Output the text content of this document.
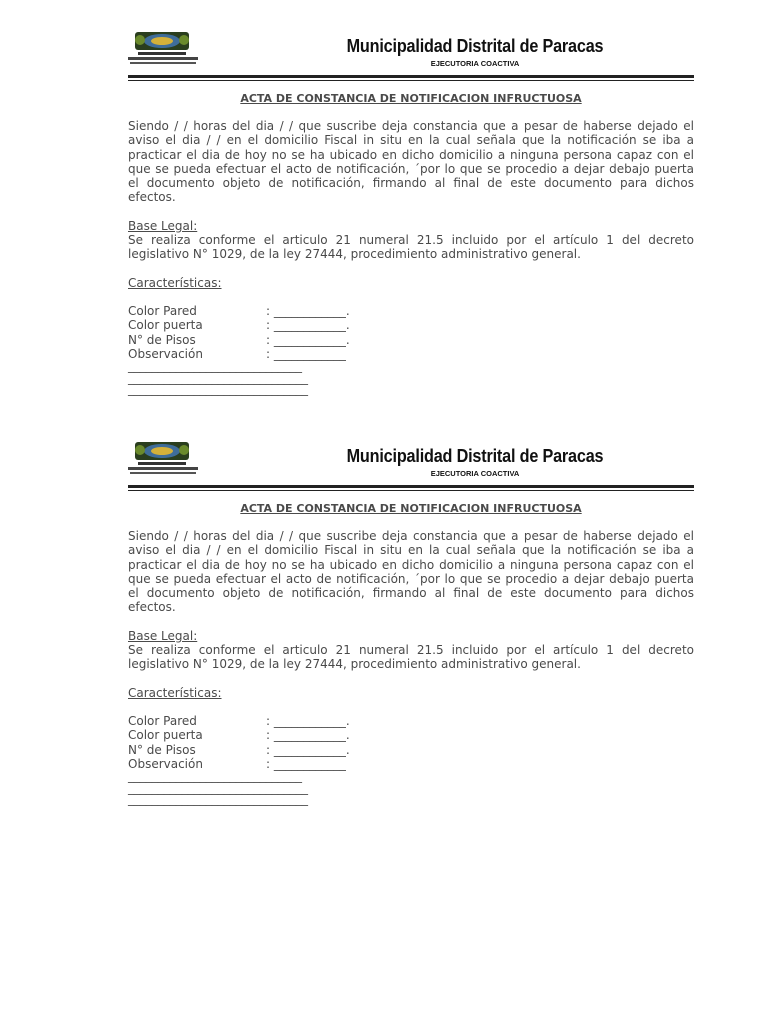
Municipalidad Distrital de Paracas
EJECUTORIA COACTIVA

ACTA DE CONSTANCIA DE NOTIFICACION INFRUCTUOSA

Siendo / / horas del dia / / que suscribe deja constancia que a pesar de haberse dejado el aviso el dia / / en el domicilio Fiscal in situ en la cual señala que la notificación se iba a practicar el dia de hoy no se ha ubicado en dicho domicilio a ninguna persona capaz con el que se pueda efectuar el acto de notificación, ´por lo que se procedio a dejar debajo puerta el documento objeto de notificación, firmando al final de este documento para dichos efectos.

Base Legal:

Se realiza conforme el articulo 21 numeral 21.5 incluido por el artículo 1 del decreto legislativo N° 1029, de la ley 27444, procedimiento administrativo general.

Características:

Color Pared	: ____________.
Color puerta	: ____________.
N° de Pisos	: ____________.
Observación	: ____________
_____________________________
______________________________
______________________________
Municipalidad Distrital de Paracas
EJECUTORIA COACTIVA

ACTA DE CONSTANCIA DE NOTIFICACION INFRUCTUOSA

Siendo / / horas del dia / / que suscribe deja constancia que a pesar de haberse dejado el aviso el dia / / en el domicilio Fiscal in situ en la cual señala que la notificación se iba a practicar el dia de hoy no se ha ubicado en dicho domicilio a ninguna persona capaz con el que se pueda efectuar el acto de notificación, ´por lo que se procedio a dejar debajo puerta el documento objeto de notificación, firmando al final de este documento para dichos efectos.

Base Legal:

Se realiza conforme el articulo 21 numeral 21.5 incluido por el artículo 1 del decreto legislativo N° 1029, de la ley 27444, procedimiento administrativo general.

Características:

Color Pared	: ____________.
Color puerta	: ____________.
N° de Pisos	: ____________.
Observación	: ____________
_____________________________
______________________________
______________________________
